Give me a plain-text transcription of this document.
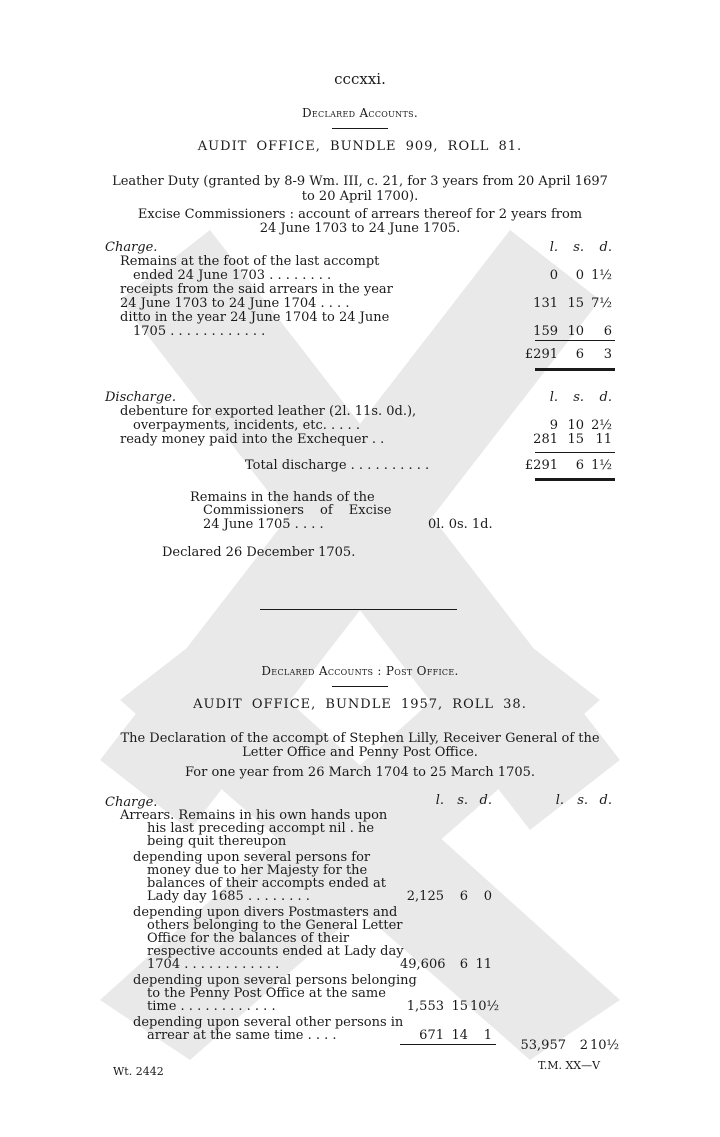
cccxxi.
Declared Accounts.
AUDIT OFFICE, BUNDLE 909, ROLL 81.
Leather Duty (granted by 8-9 Wm. III, c. 21, for 3 years from 20 April 1697
to 20 April 1700).
Excise Commissioners : account of arrears thereof for 2 years from
24 June 1703 to 24 June 1705.
Charge.	l.	s.	d.
Remains at the foot of the last accompt
ended 24 June 1703 . . . . . . . .	0	0 1½
receipts from the said arrears in the year
24 June 1703 to 24 June 1704 . . . .	131 15 7½
ditto in the year 24 June 1704 to 24 June
1705 . . . . . . . . . . . .	159 10	6
£291	6	3
Discharge.	l.	s.	d.
debenture for exported leather (2l. 11s. 0d.),
overpayments, incidents, etc. . . . .	9 10 2½
ready money paid into the Exchequer . .	281 15 11
Total discharge . . . . . . . . . .	£291	6 1½
Remains in the hands of the
Commissioners of Excise
24 June 1705 . . . .	0l. 0s. 1d.
Declared 26 December 1705.
Declared Accounts : Post Office.
AUDIT OFFICE, BUNDLE 1957, ROLL 38.
The Declaration of the accompt of Stephen Lilly, Receiver General of the
Letter Office and Penny Post Office.
For one year from 26 March 1704 to 25 March 1705.
Charge.	l.	s. d.	l.	s. d.
Arrears. Remains in his own hands upon
his last preceding accompt nil . he
being quit thereupon
depending upon several persons for
money due to her Majesty for the
balances of their accompts ended at
Lady day 1685 . . . . . . . .	2,125	6	0
depending upon divers Postmasters and
others belonging to the General Letter
Office for the balances of their
respective accounts ended at Lady day
1704 . . . . . . . . . . . .	49,606	6 11
depending upon several persons belonging
to the Penny Post Office at the same
time . . . . . . . . . . . .	1,553 15 10½
depending upon several other persons in
arrear at the same time . . . .	671 14	1
53,957	2 10½
Wt. 2442	T.M. XX—V
